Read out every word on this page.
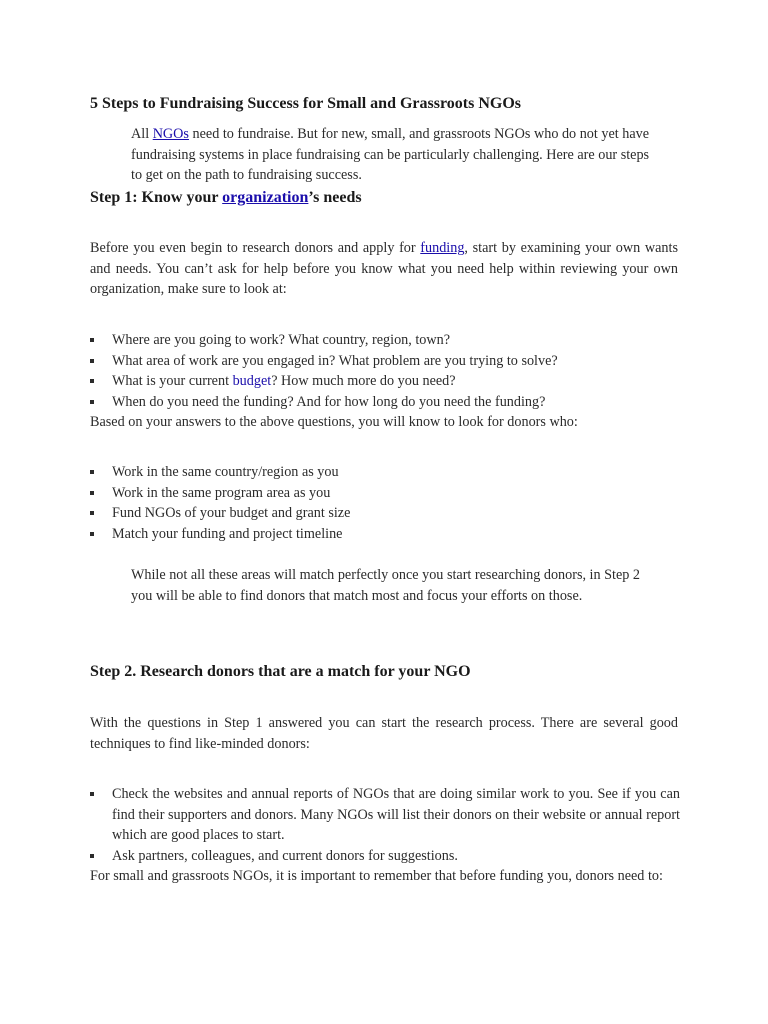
5 Steps to Fundraising Success for Small and Grassroots NGOs

All NGOs need to fundraise. But for new, small, and grassroots NGOs who do not yet have fundraising systems in place fundraising can be particularly challenging. Here are our steps to get on the path to fundraising success.

Step 1: Know your organization’s needs

Before you even begin to research donors and apply for funding, start by examining your own wants and needs. You can’t ask for help before you know what you need help within reviewing your own organization, make sure to look at:

Where are you going to work? What country, region, town?
What area of work are you engaged in? What problem are you trying to solve?
What is your current budget? How much more do you need?
When do you need the funding? And for how long do you need the funding?

Based on your answers to the above questions, you will know to look for donors who:

Work in the same country/region as you
Work in the same program area as you
Fund NGOs of your budget and grant size
Match your funding and project timeline

While not all these areas will match perfectly once you start researching donors, in Step 2 you will be able to find donors that match most and focus your efforts on those.

Step 2. Research donors that are a match for your NGO

With the questions in Step 1 answered you can start the research process. There are several good techniques to find like-minded donors:

Check the websites and annual reports of NGOs that are doing similar work to you. See if you can find their supporters and donors. Many NGOs will list their donors on their website or annual report which are good places to start.
Ask partners, colleagues, and current donors for suggestions.

For small and grassroots NGOs, it is important to remember that before funding you, donors need to:
